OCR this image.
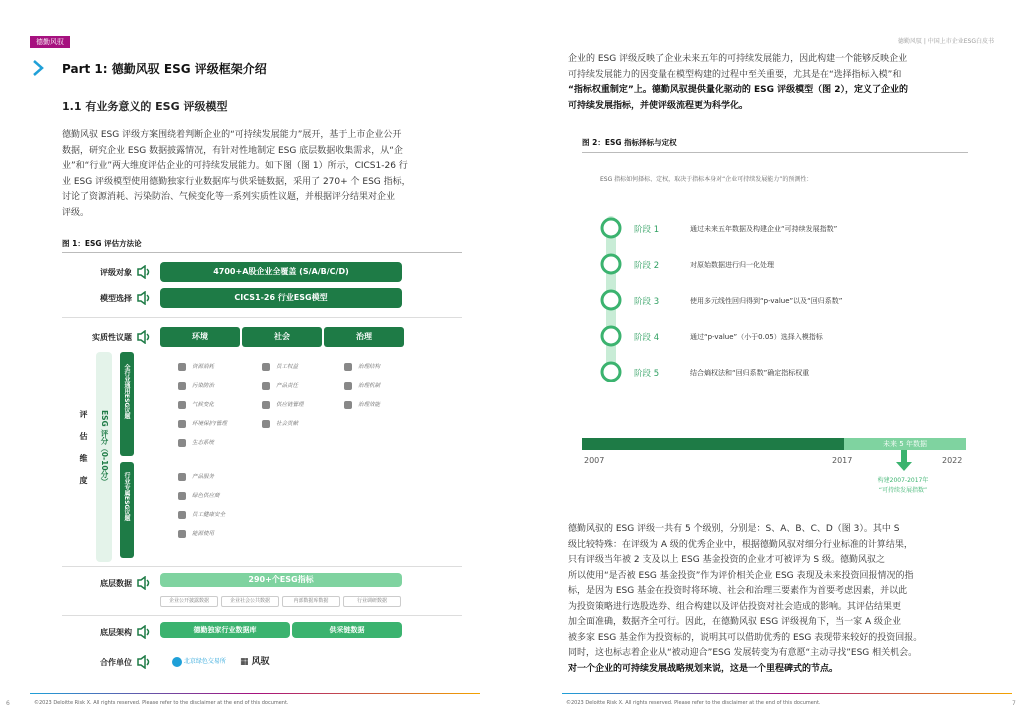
德勤风驭
Part 1: 德勤风驭 ESG 评级框架介绍
1.1 有业务意义的 ESG 评级模型
德勤风驭 ESG 评级方案围绕着判断企业的“可持续发展能力”展开，基于上市企业公开
数据，研究企业 ESG 数据披露情况，有针对性地制定 ESG 底层数据收集需求，从“企
业”和“行业”两大维度评估企业的可持续发展能力。如下图（图 1）所示，CICS1-26 行
业 ESG 评级模型使用德勤独家行业数据库与供采链数据，采用了 270+ 个 ESG 指标，
讨论了资源消耗、污染防治、气候变化等一系列实质性议题，并根据评分结果对企业
评级。
图 1：ESG 评估方法论
评级对象	4700+A股企业全覆盖 (S/A/B/C/D)
模型选择	CICS1-26 行业ESG模型
实质性议题	环境	社会	治理
评估维度 ESG 评分（0-10分）
全行业通用ESG议题
行业专属ESG议题
资源消耗
污染防治
气候变化
环境保护/管理
生态系统
员工权益
产品责任
供应链管理
社会贡献
治理结构
治理机制
治理效能
产品服务
绿色供应商
员工健康安全
能源使用
底层数据	290+个ESG指标
企业公开披露数据	企业社会公共数据	内部数据库数据	行业调研数据
底层架构	德勤独家行业数据库	供采链数据
合作单位	北京绿色交易所 ▦ 风驭
6	©2023 Deloitte Risk X. All rights reserved. Please refer to the disclaimer at the end of this document.
德勤风驭 | 中国上市企业ESG白皮书
企业的 ESG 评级反映了企业未来五年的可持续发展能力，因此构建一个能够反映企业
可持续发展能力的因变量在模型构建的过程中至关重要，尤其是在“选择指标入模”和
“指标权重制定”上。德勤风驭提供量化驱动的 ESG 评级模型（图 2），定义了企业的
可持续发展指标，并使评级流程更为科学化。
图 2：ESG 指标择标与定权
ESG 指标如何择标、定权，取决于指标本身对“企业可持续发展能力”的预测性：
阶段 1	通过未来五年数据及构建企业“可持续发展指数”
阶段 2	对原始数据进行归一化处理
阶段 3	使用多元线性回归得到“p-value”以及“回归系数”
阶段 4	通过“p-value”（小于0.05）选择入模指标
阶段 5	结合熵权法和“回归系数”确定指标权重
未来 5 年数据
2007	2017	2022
构建2007-2017年
“可持续发展指数”
德勤风驭的 ESG 评级一共有 5 个级别，分别是：S、A、B、C、D（图 3）。其中 S
级比较特殊：在评级为 A 级的优秀企业中，根据德勤风驭对细分行业标准的计算结果，
只有评级当年被 2 支及以上 ESG 基金投资的企业才可被评为 S 级。德勤风驭之
所以使用“是否被 ESG 基金投资”作为评价相关企业 ESG 表现及未来投资回报情况的指
标，是因为 ESG 基金在投资时将环境、社会和治理三要素作为首要考虑因素，并以此
为投资策略进行选股选券、组合构建以及评估投资对社会造成的影响。其评估结果更
加全面准确，数据齐全可行。因此，在德勤风驭 ESG 评级视角下，当一家 A 级企业
被多家 ESG 基金作为投资标的，说明其可以借助优秀的 ESG 表现带来较好的投资回报。
同时，这也标志着企业从“被动迎合”ESG 发展转变为有意愿“主动寻找”ESG 相关机会。
对一个企业的可持续发展战略规划来说，这是一个里程碑式的节点。
©2023 Deloitte Risk X. All rights reserved. Please refer to the disclaimer at the end of this document.	7
